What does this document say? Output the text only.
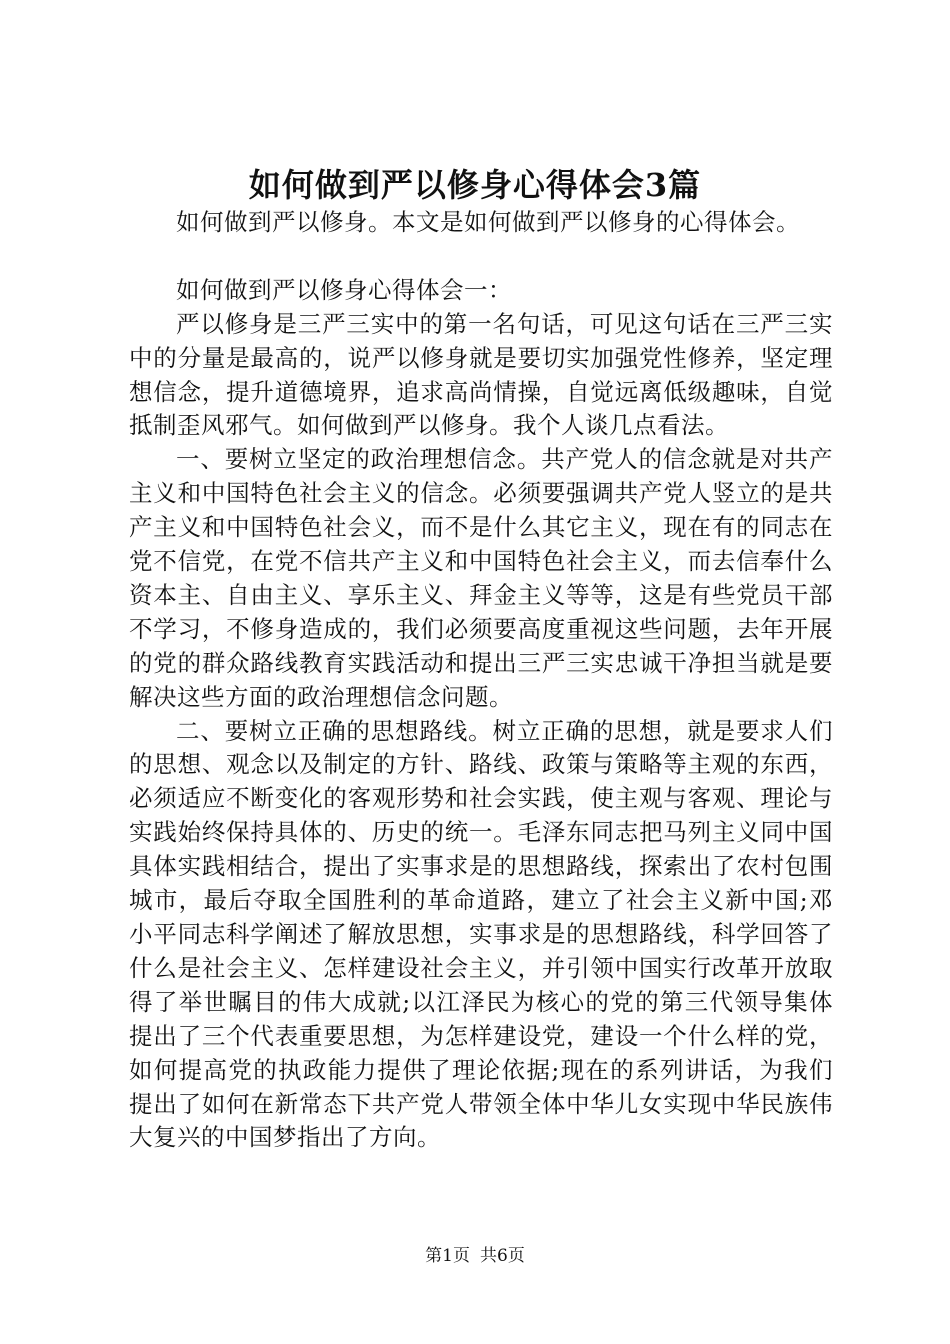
如何做到严以修身心得体会3篇
如何做到严以修身。本文是如何做到严以修身的心得体会。
如何做到严以修身心得体会一：

严以修身是三严三实中的第一名句话，可见这句话在三严三实中的分量是最高的，说严以修身就是要切实加强党性修养，坚定理想信念，提升道德境界，追求高尚情操，自觉远离低级趣味，自觉抵制歪风邪气。如何做到严以修身。我个人谈几点看法。

一、要树立坚定的政治理想信念。共产党人的信念就是对共产主义和中国特色社会主义的信念。必须要强调共产党人竖立的是共产主义和中国特色社会义，而不是什么其它主义，现在有的同志在党不信党，在党不信共产主义和中国特色社会主义，而去信奉什么资本主、自由主义、享乐主义、拜金主义等等，这是有些党员干部不学习，不修身造成的，我们必须要高度重视这些问题，去年开展的党的群众路线教育实践活动和提出三严三实忠诚干净担当就是要解决这些方面的政治理想信念问题。

二、要树立正确的思想路线。树立正确的思想，就是要求人们的思想、观念以及制定的方针、路线、政策与策略等主观的东西，必须适应不断变化的客观形势和社会实践，使主观与客观、理论与实践始终保持具体的、历史的统一。毛泽东同志把马列主义同中国具体实践相结合，提出了实事求是的思想路线，探索出了农村包围城市，最后夺取全国胜利的革命道路，建立了社会主义新中国;邓小平同志科学阐述了解放思想，实事求是的思想路线，科学回答了什么是社会主义、怎样建设社会主义，并引领中国实行改革开放取得了举世瞩目的伟大成就;以江泽民为核心的党的第三代领导集体提出了三个代表重要思想，为怎样建设党，建设一个什么样的党，如何提高党的执政能力提供了理论依据;现在的系列讲话，为我们提出了如何在新常态下共产党人带领全体中华儿女实现中华民族伟大复兴的中国梦指出了方向。

第1页 共6页
